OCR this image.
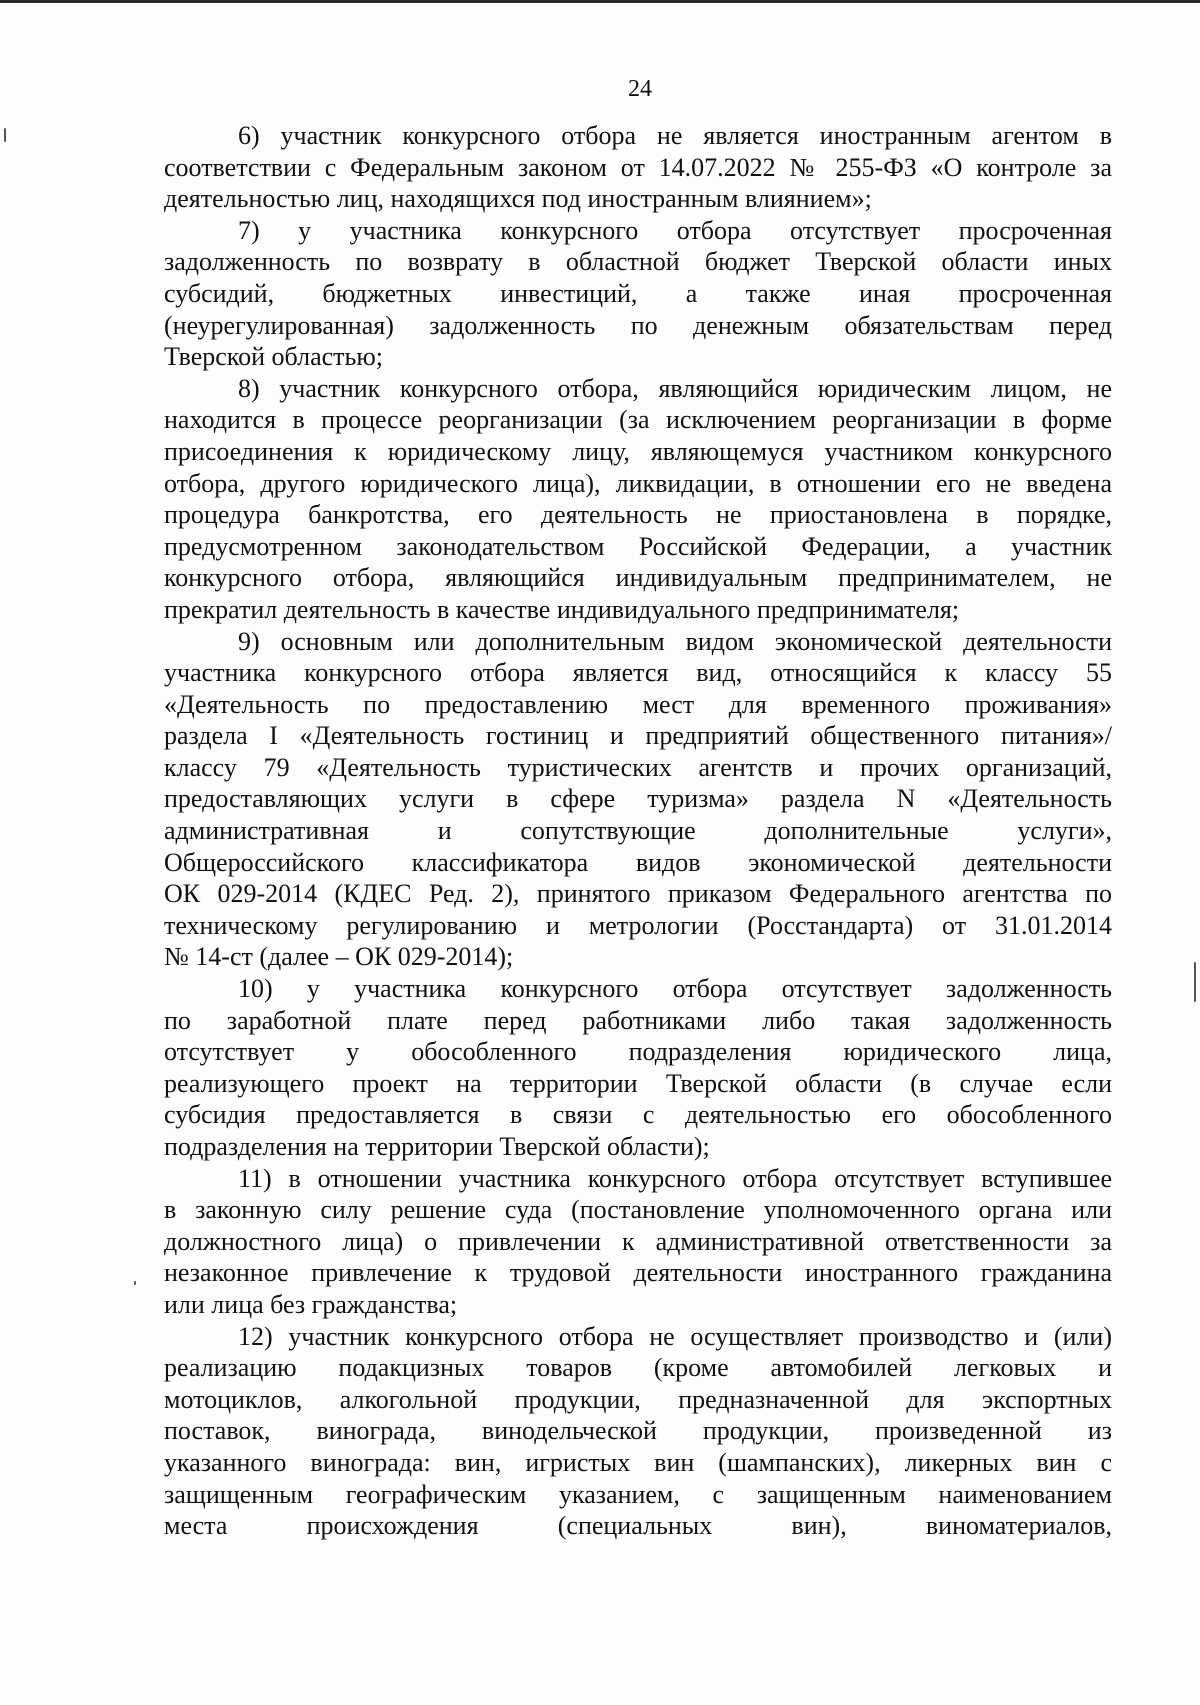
24
6) участник конкурсного отбора не является иностранным агентом в
соответствии с Федеральным законом от 14.07.2022 № 255-ФЗ «О контроле за
деятельностью лиц, находящихся под иностранным влиянием»;
7) у участника конкурсного отбора отсутствует просроченная
задолженность по возврату в областной бюджет Тверской области иных
субсидий, бюджетных инвестиций, а также иная просроченная
(неурегулированная) задолженность по денежным обязательствам перед
Тверской областью;
8) участник конкурсного отбора, являющийся юридическим лицом, не
находится в процессе реорганизации (за исключением реорганизации в форме
присоединения к юридическому лицу, являющемуся участником конкурсного
отбора, другого юридического лица), ликвидации, в отношении его не введена
процедура банкротства, его деятельность не приостановлена в порядке,
предусмотренном законодательством Российской Федерации, а участник
конкурсного отбора, являющийся индивидуальным предпринимателем, не
прекратил деятельность в качестве индивидуального предпринимателя;
9) основным или дополнительным видом экономической деятельности
участника конкурсного отбора является вид, относящийся к классу 55
«Деятельность по предоставлению мест для временного проживания»
раздела I «Деятельность гостиниц и предприятий общественного питания»/
классу 79 «Деятельность туристических агентств и прочих организаций,
предоставляющих услуги в сфере туризма» раздела N «Деятельность
административная и сопутствующие дополнительные услуги»,
Общероссийского классификатора видов экономической деятельности
ОК 029-2014 (КДЕС Ред. 2), принятого приказом Федерального агентства по
техническому регулированию и метрологии (Росстандарта) от 31.01.2014
№ 14-ст (далее – ОК 029-2014);
10) у участника конкурсного отбора отсутствует задолженность
по заработной плате перед работниками либо такая задолженность
отсутствует у обособленного подразделения юридического лица,
реализующего проект на территории Тверской области (в случае если
субсидия предоставляется в связи с деятельностью его обособленного
подразделения на территории Тверской области);
11) в отношении участника конкурсного отбора отсутствует вступившее
в законную силу решение суда (постановление уполномоченного органа или
должностного лица) о привлечении к административной ответственности за
незаконное привлечение к трудовой деятельности иностранного гражданина
или лица без гражданства;
12) участник конкурсного отбора не осуществляет производство и (или)
реализацию подакцизных товаров (кроме автомобилей легковых и
мотоциклов, алкогольной продукции, предназначенной для экспортных
поставок, винограда, винодельческой продукции, произведенной из
указанного винограда: вин, игристых вин (шампанских), ликерных вин с
защищенным географическим указанием, с защищенным наименованием
места происхождения (специальных вин), виноматериалов,
